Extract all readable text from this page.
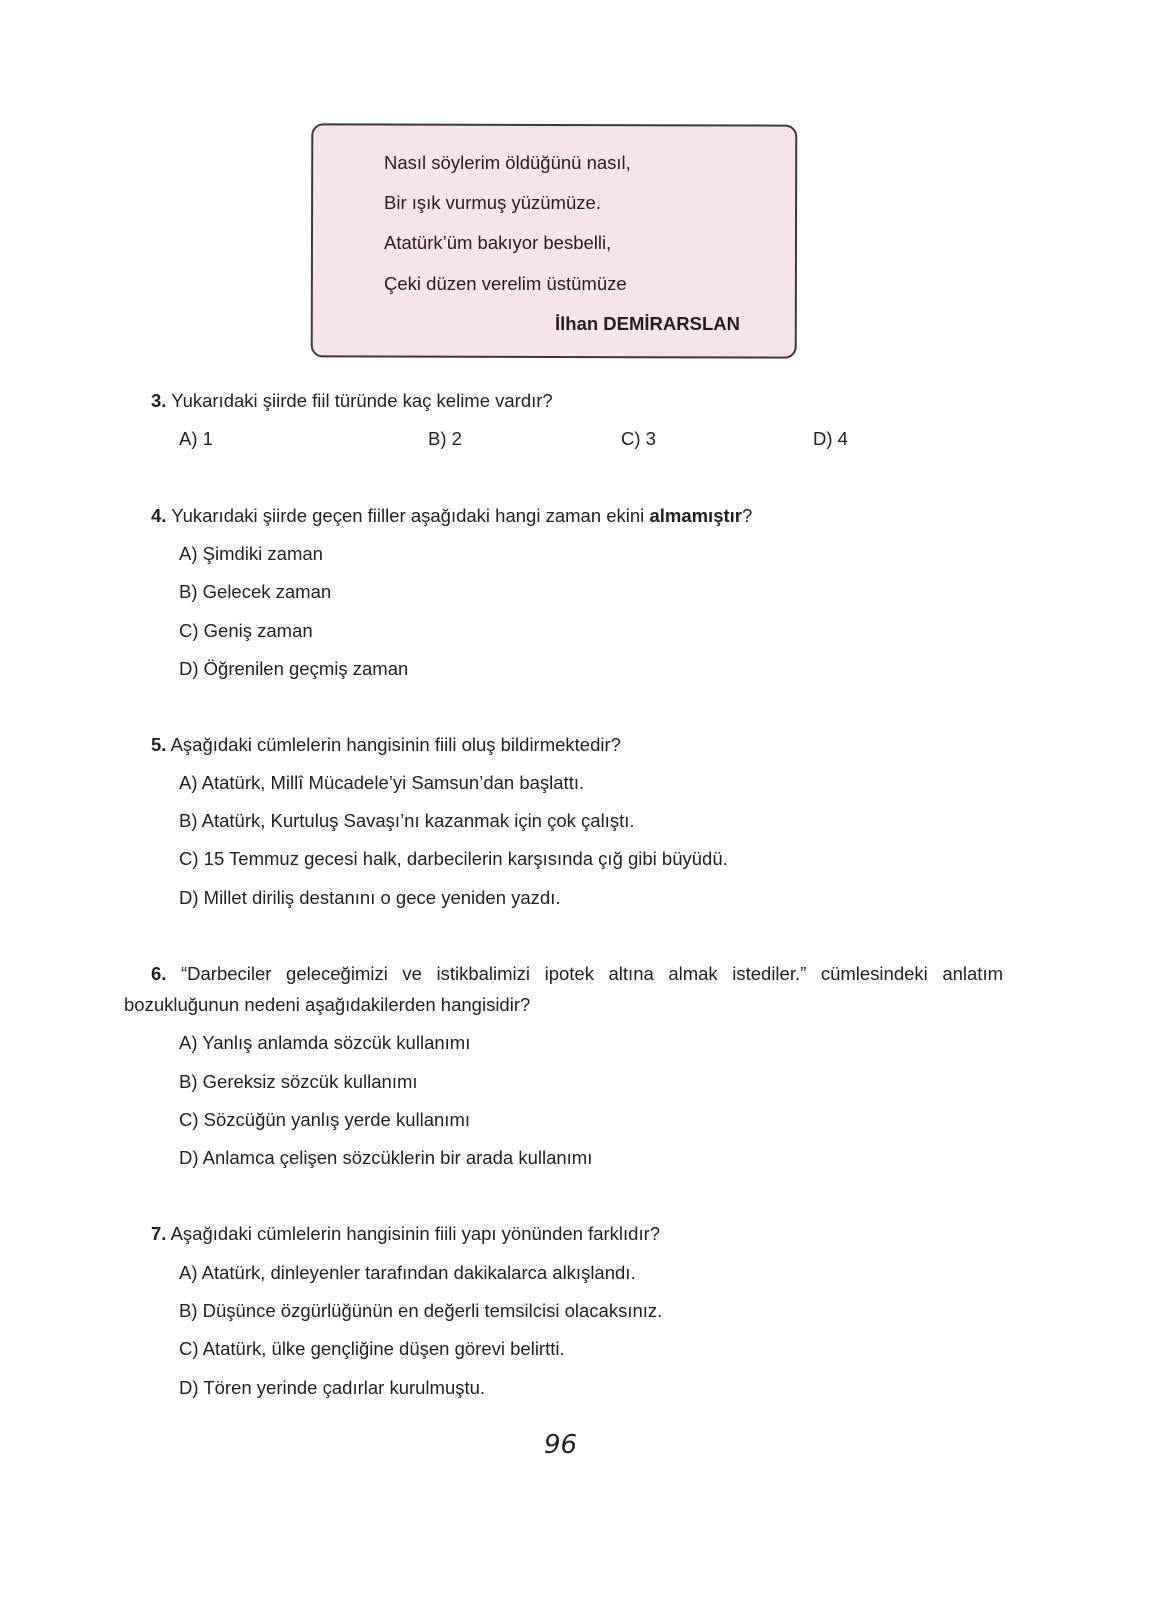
Nasıl söylerim öldüğünü nasıl,
Bir ışık vurmuş yüzümüze.
Atatürk’üm bakıyor besbelli,
Çeki düzen verelim üstümüze
İlhan DEMİRARSLAN
3. Yukarıdaki şiirde fiil türünde kaç kelime vardır?
A) 1	B) 2	C) 3	D) 4
4. Yukarıdaki şiirde geçen fiiller aşağıdaki hangi zaman ekini almamıştır?
A) Şimdiki zaman
B) Gelecek zaman
C) Geniş zaman
D) Öğrenilen geçmiş zaman
5. Aşağıdaki cümlelerin hangisinin fiili oluş bildirmektedir?
A) Atatürk, Millî Mücadele’yi Samsun’dan başlattı.
B) Atatürk, Kurtuluş Savaşı’nı kazanmak için çok çalıştı.
C) 15 Temmuz gecesi halk, darbecilerin karşısında çığ gibi büyüdü.
D) Millet diriliş destanını o gece yeniden yazdı.
6. “Darbeciler geleceğimizi ve istikbalimizi ipotek altına almak istediler.” cümlesindeki anlatım
bozukluğunun nedeni aşağıdakilerden hangisidir?
A) Yanlış anlamda sözcük kullanımı
B) Gereksiz sözcük kullanımı
C) Sözcüğün yanlış yerde kullanımı
D) Anlamca çelişen sözcüklerin bir arada kullanımı
7. Aşağıdaki cümlelerin hangisinin fiili yapı yönünden farklıdır?
A) Atatürk, dinleyenler tarafından dakikalarca alkışlandı.
B) Düşünce özgürlüğünün en değerli temsilcisi olacaksınız.
C) Atatürk, ülke gençliğine düşen görevi belirtti.
D) Tören yerinde çadırlar kurulmuştu.
96
